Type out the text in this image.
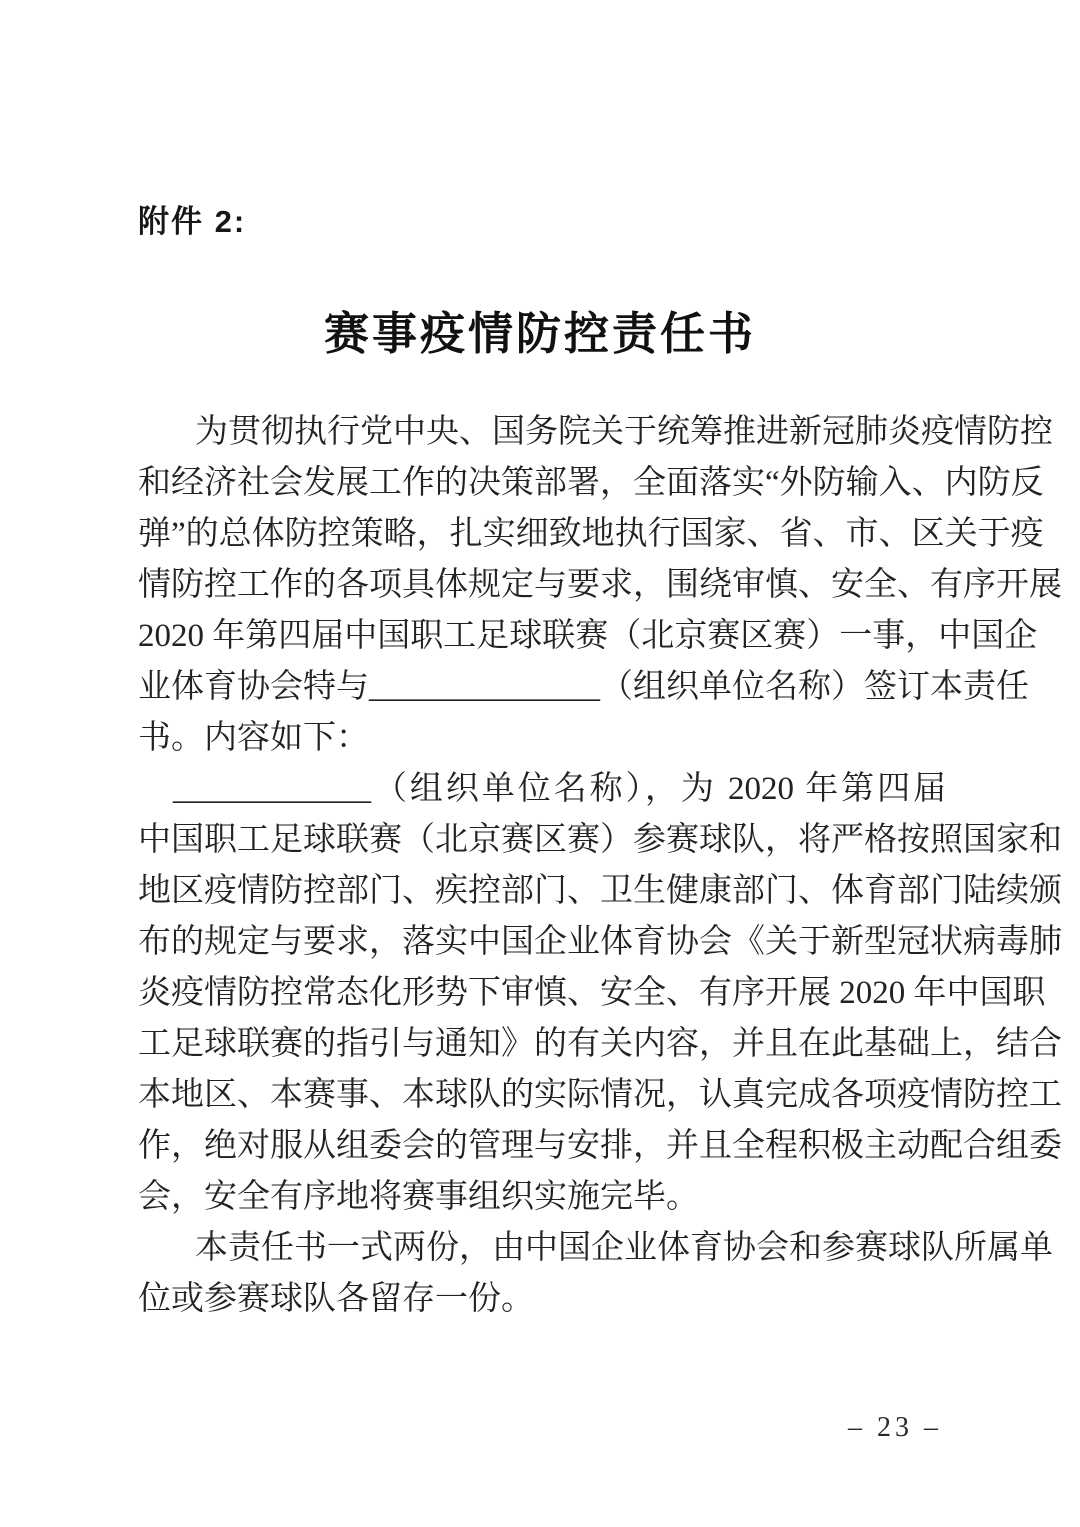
附件 2:
赛事疫情防控责任书
为贯彻执行党中央、国务院关于统筹推进新冠肺炎疫情防控
和经济社会发展工作的决策部署，全面落实“外防输入、内防反
弹”的总体防控策略，扎实细致地执行国家、省、市、区关于疫
情防控工作的各项具体规定与要求，围绕审慎、安全、有序开展
2020 年第四届中国职工足球联赛（北京赛区赛）一事，中国企
业体育协会特与______________（组织单位名称）签订本责任
书。内容如下：
____________（组织单位名称），为 2020 年第四届
中国职工足球联赛（北京赛区赛）参赛球队，将严格按照国家和
地区疫情防控部门、疾控部门、卫生健康部门、体育部门陆续颁
布的规定与要求，落实中国企业体育协会《关于新型冠状病毒肺
炎疫情防控常态化形势下审慎、安全、有序开展 2020 年中国职
工足球联赛的指引与通知》的有关内容，并且在此基础上，结合
本地区、本赛事、本球队的实际情况，认真完成各项疫情防控工
作，绝对服从组委会的管理与安排，并且全程积极主动配合组委
会，安全有序地将赛事组织实施完毕。
本责任书一式两份，由中国企业体育协会和参赛球队所属单
位或参赛球队各留存一份。
– 23 –
